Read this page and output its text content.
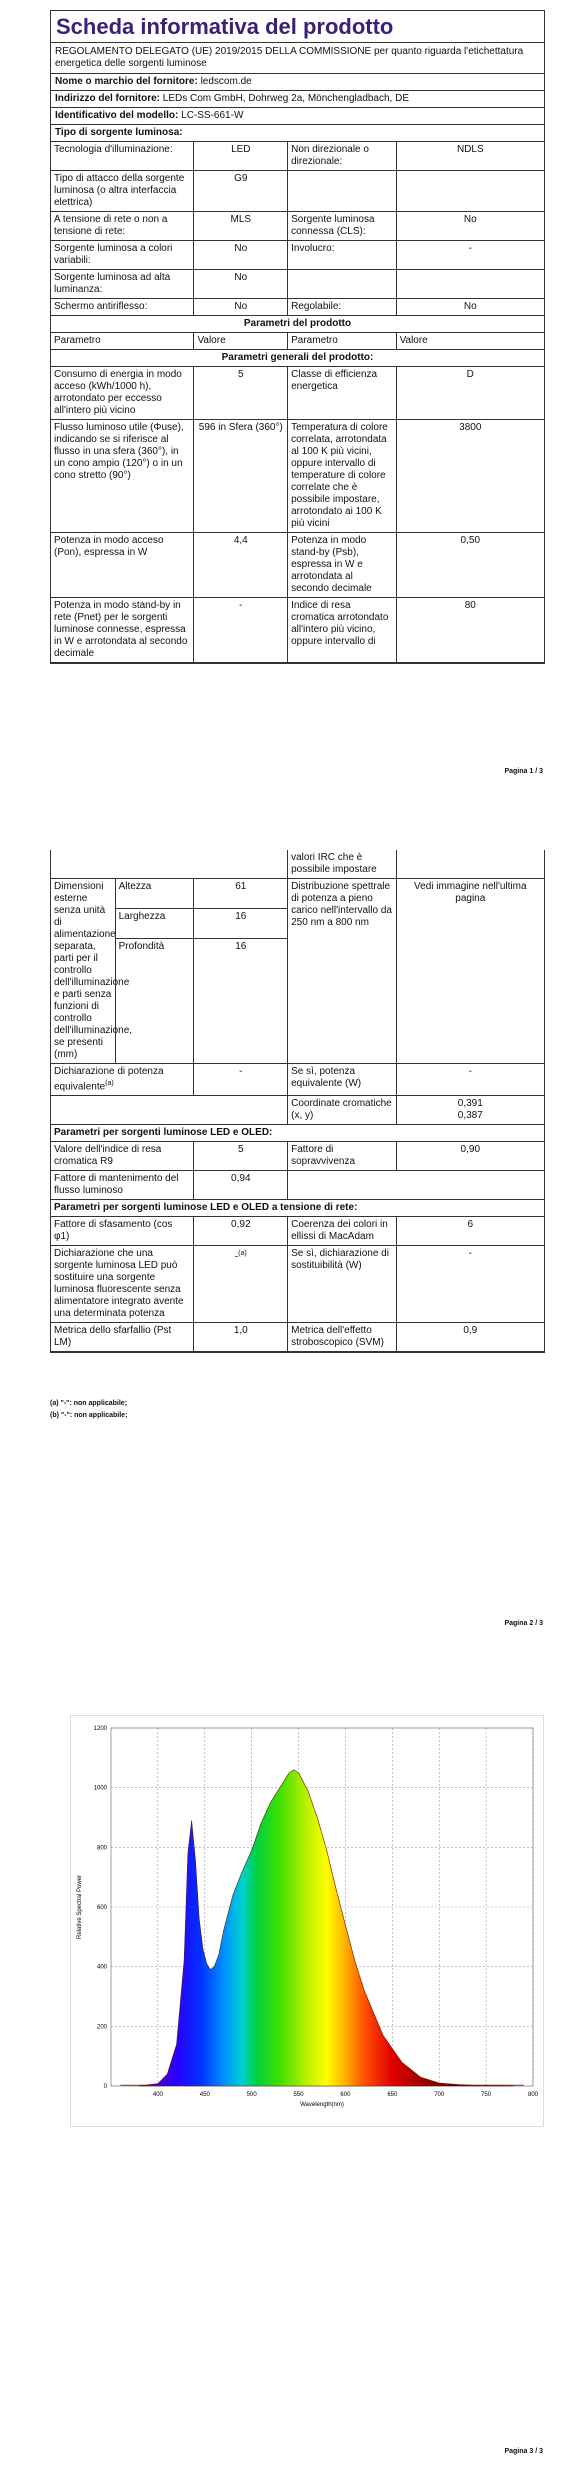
Scheda informativa del prodotto
REGOLAMENTO DELEGATO (UE) 2019/2015 DELLA COMMISSIONE per quanto riguarda l'etichettatura energetica delle sorgenti luminose
Nome o marchio del fornitore: ledscom.de
Indirizzo del fornitore: LEDs Com GmbH, Dohrweg 2a, Mönchengladbach, DE
Identificativo del modello: LC-SS-661-W
Tipo di sorgente luminosa:
Tecnologia d'illuminazione:	LED	Non direzionale o direzionale:	NDLS
Tipo di attacco della sorgente luminosa (o altra interfaccia elettrica)	G9		
A tensione di rete o non a tensione di rete:	MLS	Sorgente luminosa connessa (CLS):	No
Sorgente luminosa a colori variabili:	No	Involucro:	-
Sorgente luminosa ad alta luminanza:	No		
Schermo antiriflesso:	No	Regolabile:	No
Parametri del prodotto			
Parametro	Valore	Parametro	Valore
Parametri generali del prodotto:			
Consumo di energia in modo acceso (kWh/1000 h), arrotondato per eccesso all'intero più vicino	5	Classe di efficienza energetica	D
Flusso luminoso utile (Φuse), indicando se si riferisce al flusso in una sfera (360°), in un cono ampio (120°) o in un cono stretto (90°)	596 in Sfera (360°)	Temperatura di colore correlata, arrotondata al 100 K più vicini, oppure intervallo di temperature di colore correlate che è possibile impostare, arrotondato ai 100 K più vicini	3800
Potenza in modo acceso (Pon), espressa in W	4,4	Potenza in modo stand-by (Psb), espressa in W e arrotondata al secondo decimale	0,50
Potenza in modo stand-by in rete (Pnet) per le sorgenti luminose connesse, espressa in W e arrotondata al secondo decimale	-	Indice di resa cromatica arrotondato all'intero più vicino, oppure intervallo di	80
Pagina 1 / 3
			valori IRC che è possibile impostare	
Dimensioni esterne senza unità di alimentazione separata, parti per il controllo dell'illuminazione e parti senza funzioni di controllo dell'illuminazione, se presenti (mm)	Altezza	61	Distribuzione spettrale di potenza a pieno carico nell'intervallo da 250 nm a 800 nm	Vedi immagine nell'ultima pagina
	Larghezza	16		
	Profondità	16		
Dichiarazione di potenza equivalente$^{(a)}$		-	Se sì, potenza equivalente (W)	-
			Coordinate cromatiche (x, y)	0,391
0,387

Parametri per sorgenti luminose LED e OLED:				
Valore dell'indice di resa cromatica R9		5	Fattore di sopravvivenza	0,90
Fattore di mantenimento del flusso luminoso		0,94		
Parametri per sorgenti luminose LED e OLED a tensione di rete:				
Fattore di sfasamento (cos φ1)		0,92	Coerenza dei colori in ellissi di MacAdam	6
Dichiarazione che una sorgente luminosa LED può sostituire una sorgente luminosa fluorescente senza alimentatore integrato avente una determinata potenza		-$^{(a)}$	Se sì, dichiarazione di sostituibilità (W)	-
Metrica dello sfarfallio (Pst LM)		1,0	Metrica dell'effetto stroboscopico (SVM)	0,9
(a) "-": non applicabile;
(b) "-": non applicabile;
Pagina 2 / 3
400	450	500	550	600	650	700	750	800
0
200
400
600
800
1000
1200
Wavelength(nm)
Relative Spectral Power
Pagina 3 / 3
